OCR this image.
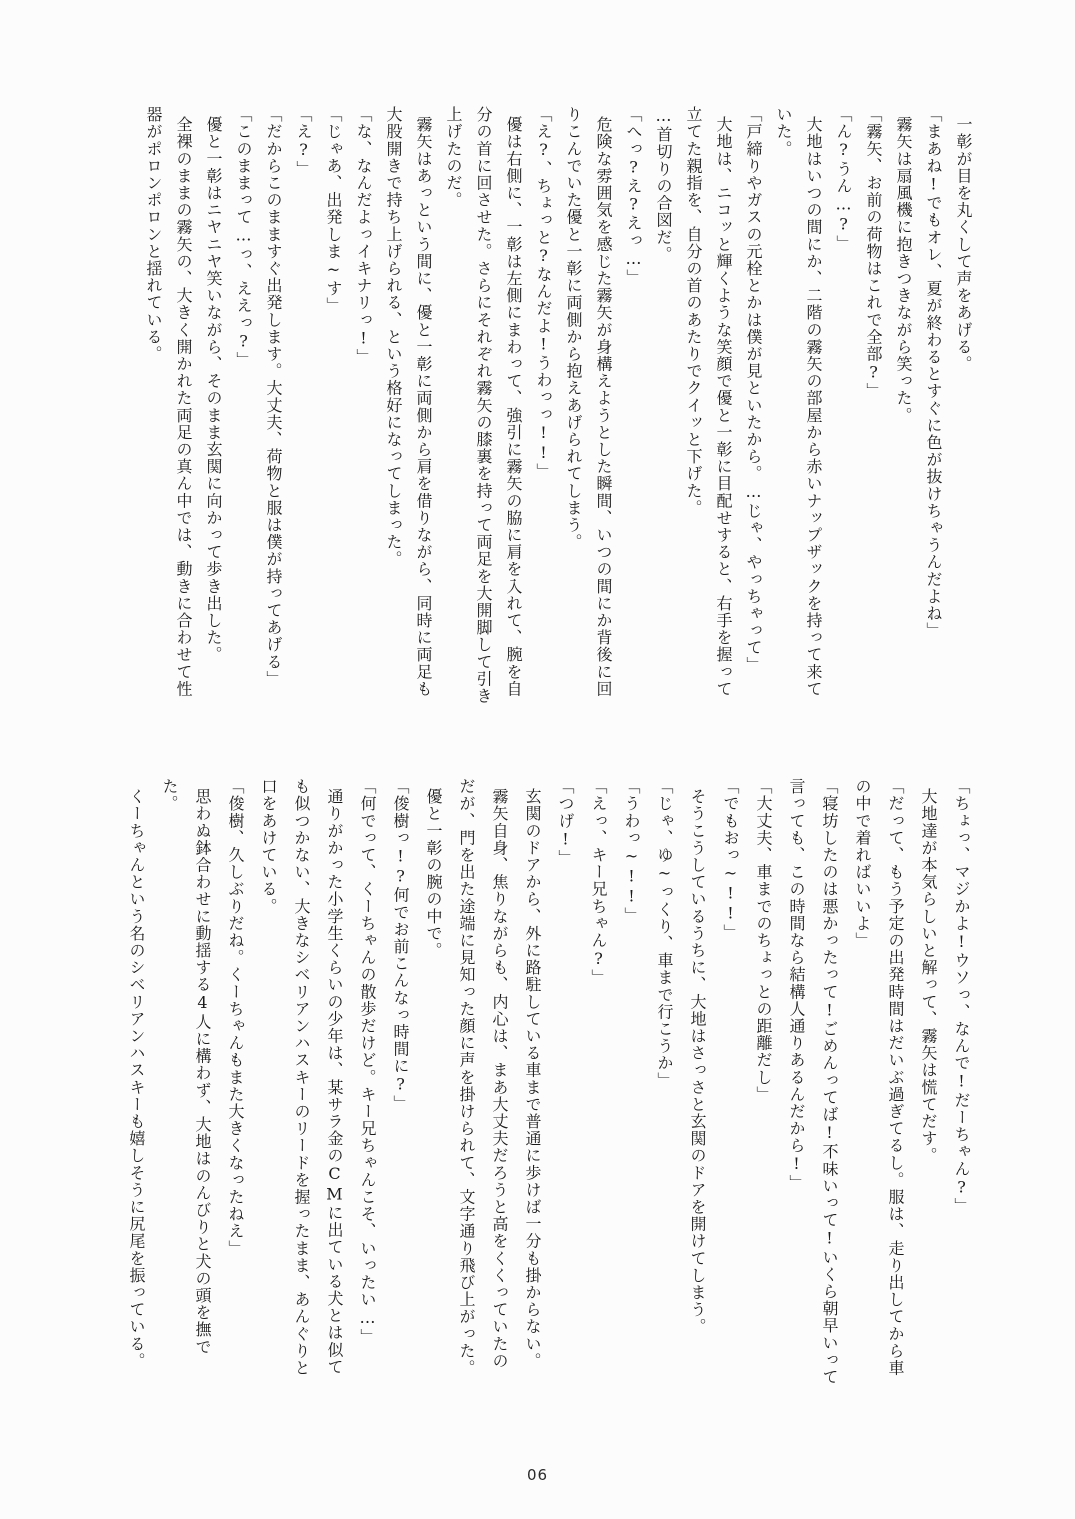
一彰が目を丸くして声をあげる。
「まあね!でもオレ、夏が終わるとすぐに色が抜けちゃうんだよね」
霧矢は扇風機に抱きつきながら笑った。
「霧矢、お前の荷物はこれで全部?」
「ん?うん…?」
大地はいつの間にか、二階の霧矢の部屋から赤いナップザックを持って来て
いた。
「戸締りやガスの元栓とかは僕が見といたから。…じゃ、やっちゃって」
大地は、ニコッと輝くような笑顔で優と一彰に目配せすると、右手を握って
立てた親指を、自分の首のあたりでクイッと下げた。
…首切りの合図だ。
「へっ?え?えっ…」
危険な雰囲気を感じた霧矢が身構えようとした瞬間、いつの間にか背後に回
りこんでいた優と一彰に両側から抱えあげられてしまう。
「え?、ちょっと?なんだよ!うわっっ!!」
優は右側に、一彰は左側にまわって、強引に霧矢の脇に肩を入れて、腕を自
分の首に回させた。さらにそれぞれ霧矢の膝裏を持って両足を大開脚して引き
上げたのだ。
霧矢はあっという間に、優と一彰に両側から肩を借りながら、同時に両足も
大股開きで持ち上げられる、という格好になってしまった。
「な、なんだよっイキナリっ!」
「じゃあ、出発しま~す」
「え?」
「だからこのまますぐ出発します。大丈夫、荷物と服は僕が持ってあげる」
「このままって…っ、ええっ?」
優と一彰はニヤニヤ笑いながら、そのまま玄関に向かって歩き出した。
全裸のままの霧矢の、大きく開かれた両足の真ん中では、動きに合わせて性
器がポロンポロンと揺れている。
「ちょっ、マジかよ!ウソっ、なんで!だーちゃん?」
大地達が本気らしいと解って、霧矢は慌てだす。
「だって、もう予定の出発時間はだいぶ過ぎてるし。服は、走り出してから車
の中で着ればいいよ」
「寝坊したのは悪かったって!ごめんってば!不味いって!いくら朝早いって
言っても、この時間なら結構人通りあるんだから!」
「大丈夫、車までのちょっとの距離だし」
「でもおっ~!!」
そうこうしているうちに、大地はさっさと玄関のドアを開けてしまう。
「じゃ、ゆ~っくり、車まで行こうか」
「うわっ~!!」
「えっ、キー兄ちゃん?」
「つげ!」
玄関のドアから、外に路駐している車まで普通に歩けば一分も掛からない。
霧矢自身、焦りながらも、内心は、まあ大丈夫だろうと高をくくっていたの
だが、門を出た途端に見知った顔に声を掛けられて、文字通り飛び上がった。
優と一彰の腕の中で。
「俊樹っ!?何でお前こんなっ時間に?」
「何でって、くーちゃんの散歩だけど。キー兄ちゃんこそ、いったい…」
通りがかった小学生くらいの少年は、某サラ金のCMに出ている犬とは似て
も似つかない、大きなシベリアンハスキーのリードを握ったまま、あんぐりと
口をあけている。
「俊樹、久しぶりだね。くーちゃんもまた大きくなったねえ」
思わぬ鉢合わせに動揺する4人に構わず、大地はのんびりと犬の頭を撫で
た。
くーちゃんという名のシベリアンハスキーも嬉しそうに尻尾を振っている。
06
